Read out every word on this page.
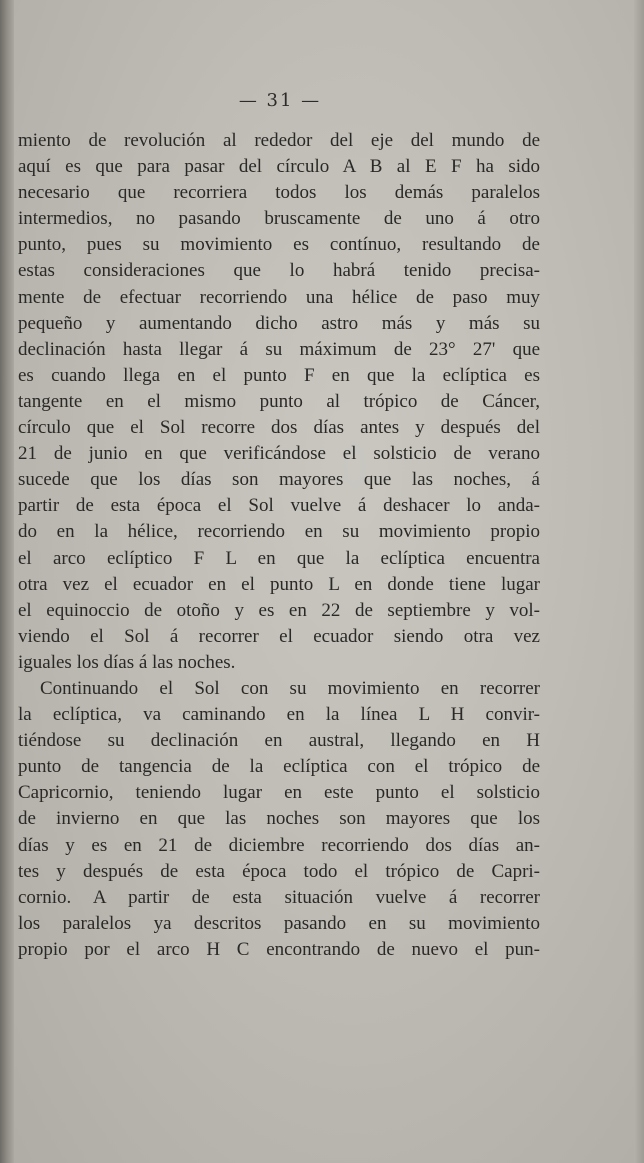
— 31 —
miento de revolución al rededor del eje del mundo de
aquí es que para pasar del círculo A B al E F ha sido
necesario que recorriera todos los demás paralelos
intermedios, no pasando bruscamente de uno á otro
punto, pues su movimiento es contínuo, resultando de
estas consideraciones que lo habrá tenido precisa-
mente de efectuar recorriendo una hélice de paso muy
pequeño y aumentando dicho astro más y más su
declinación hasta llegar á su máximum de 23° 27' que
es cuando llega en el punto F en que la eclíptica es
tangente en el mismo punto al trópico de Cáncer,
círculo que el Sol recorre dos días antes y después del
21 de junio en que verificándose el solsticio de verano
sucede que los días son mayores que las noches, á
partir de esta época el Sol vuelve á deshacer lo anda-
do en la hélice, recorriendo en su movimiento propio
el arco eclíptico F L en que la eclíptica encuentra
otra vez el ecuador en el punto L en donde tiene lugar
el equinoccio de otoño y es en 22 de septiembre y vol-
viendo el Sol á recorrer el ecuador siendo otra vez
iguales los días á las noches.
Continuando el Sol con su movimiento en recorrer
la eclíptica, va caminando en la línea L H convir-
tiéndose su declinación en austral, llegando en H
punto de tangencia de la eclíptica con el trópico de
Capricornio, teniendo lugar en este punto el solsticio
de invierno en que las noches son mayores que los
días y es en 21 de diciembre recorriendo dos días an-
tes y después de esta época todo el trópico de Capri-
cornio. A partir de esta situación vuelve á recorrer
los paralelos ya descritos pasando en su movimiento
propio por el arco H C encontrando de nuevo el pun-
